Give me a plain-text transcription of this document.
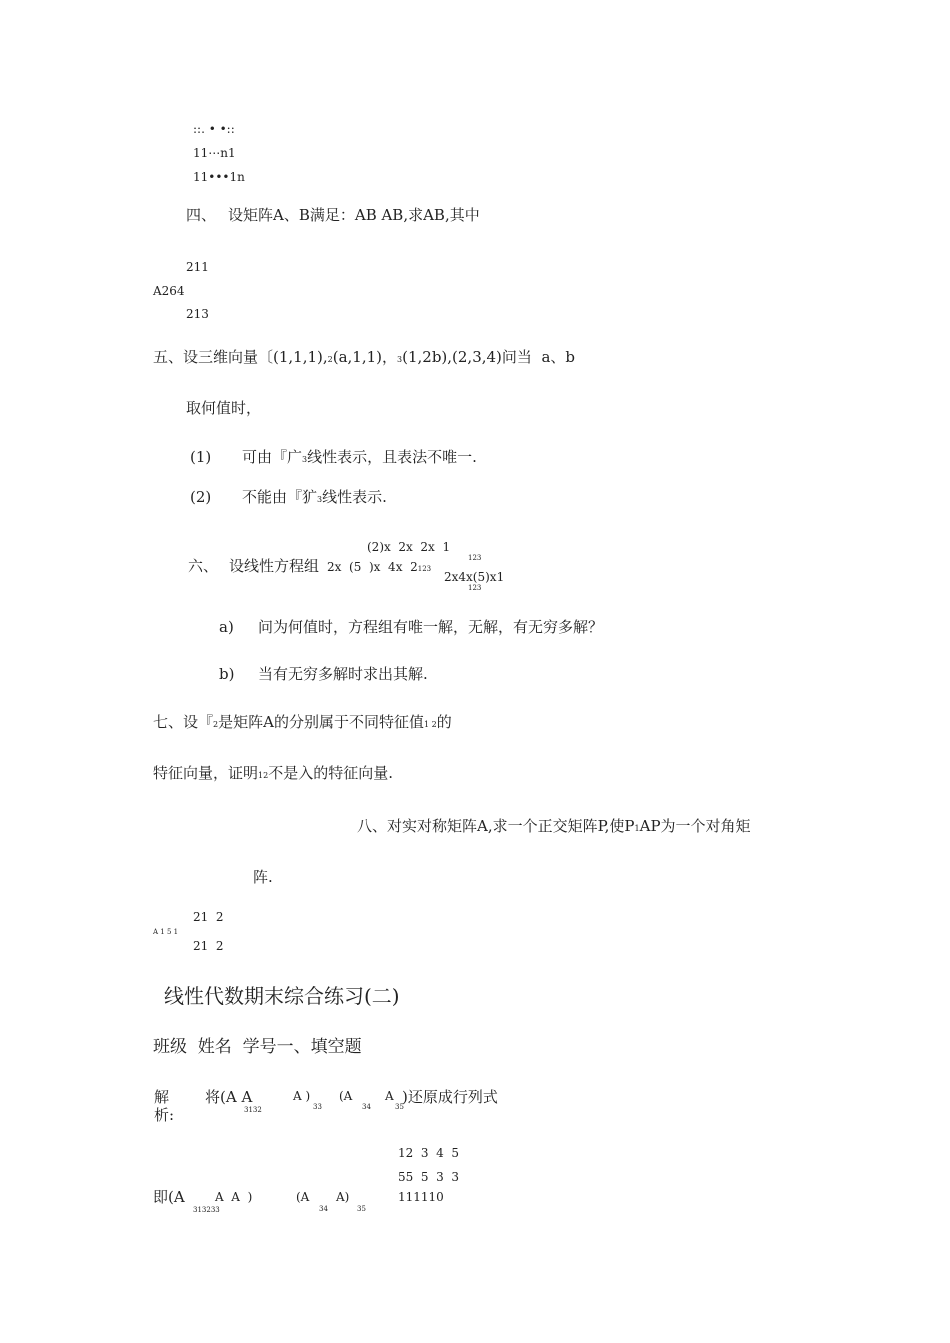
::. • •::
11⋯n1
11•••1n
四、 设矩阵A、B满足：AB AB,求AB,其中
211
A264
213
五、设三维向量〔(1,1,1),2(a,1,1)，3(1,2b),(2,3,4)问当  a、b
取何值时，
(1) 可由『广3线性表示，且表法不唯一.
(2) 不能由『犷3线性表示.
(2)x  2x  2x  1
123
六、 设线性方程组 2x  (5  )x  4x  2123
2x4x(5)x1
123
a) 问为何值时，方程组有唯一解，无解，有无穷多解？
b) 当有无穷多解时求出其解.
七、设『2是矩阵A的分别属于不同特征值1 2的
特征向量，证明12不是入的特征向量.
八、对实对称矩阵A,求一个正交矩阵P,使P1AP为一个对角矩
阵.
21  2
A 1 5 1
21  2
线性代数期末综合练习(二)
班级  姓名  学号一、填空题
解
析:
将(A A
3132
A )
33
(A
34
A
35
)还原成行列式
12  3  4  5
55  5  3  3
111110
即(A
313233
A  A  )	(A
34
A)
35
